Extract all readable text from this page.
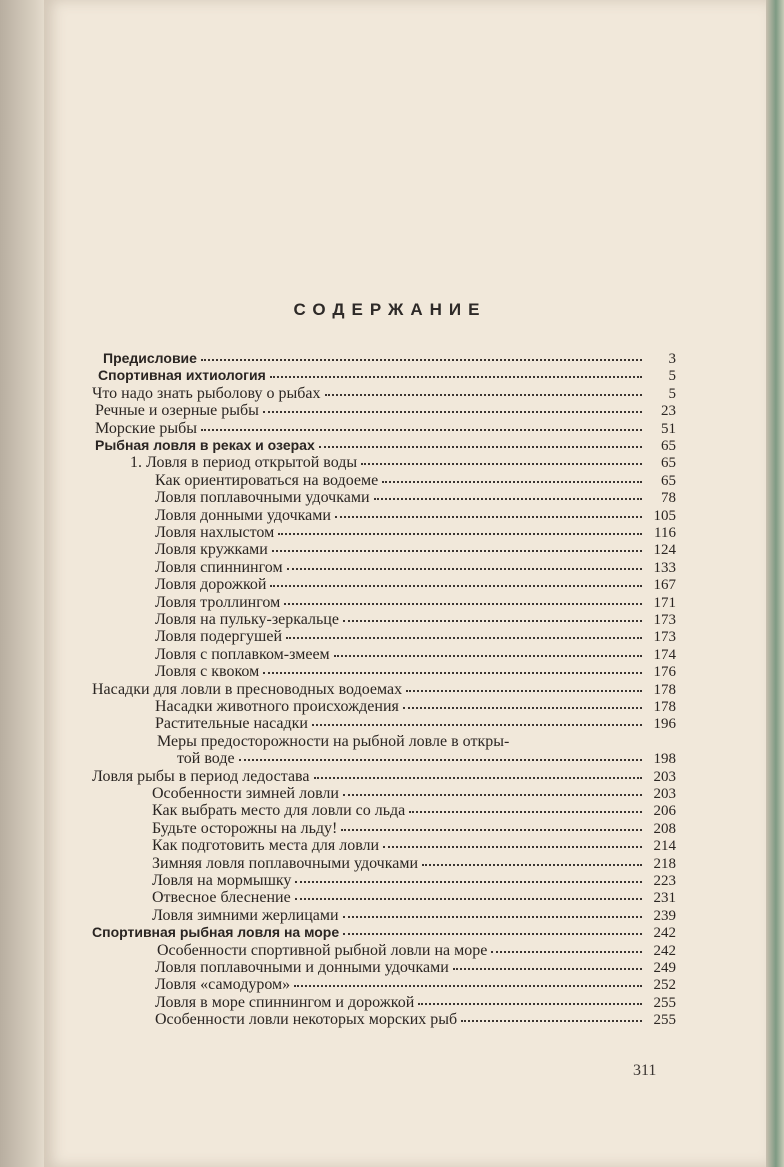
СОДЕРЖАНИЕ
Предисловие	3
Спортивная ихтиология	5
Что надо знать рыболову о рыбах	5
Речные и озерные рыбы	23
Морские рыбы	51
Рыбная ловля в реках и озерах	65
1. Ловля в период открытой воды	65
Как ориентироваться на водоеме	65
Ловля поплавочными удочками	78
Ловля донными удочками	105
Ловля нахлыстом	116
Ловля кружками	124
Ловля спиннингом	133
Ловля дорожкой	167
Ловля троллингом	171
Ловля на пульку-зеркальце	173
Ловля подергушей	173
Ловля с поплавком-змеем	174
Ловля с квоком	176
Насадки для ловли в пресноводных водоемах	178
Насадки животного происхождения	178
Растительные насадки	196
Меры предосторожности на рыбной ловле в откры-
той воде	198
Ловля рыбы в период ледостава	203
Особенности зимней ловли	203
Как выбрать место для ловли со льда	206
Будьте осторожны на льду!	208
Как подготовить места для ловли	214
Зимняя ловля поплавочными удочками	218
Ловля на мормышку	223
Отвесное блеснение	231
Ловля зимними жерлицами	239
Спортивная рыбная ловля на море	242
Особенности спортивной рыбной ловли на море	242
Ловля поплавочными и донными удочками	249
Ловля «самодуром»	252
Ловля в море спиннингом и дорожкой	255
Особенности ловли некоторых морских рыб	255
311
